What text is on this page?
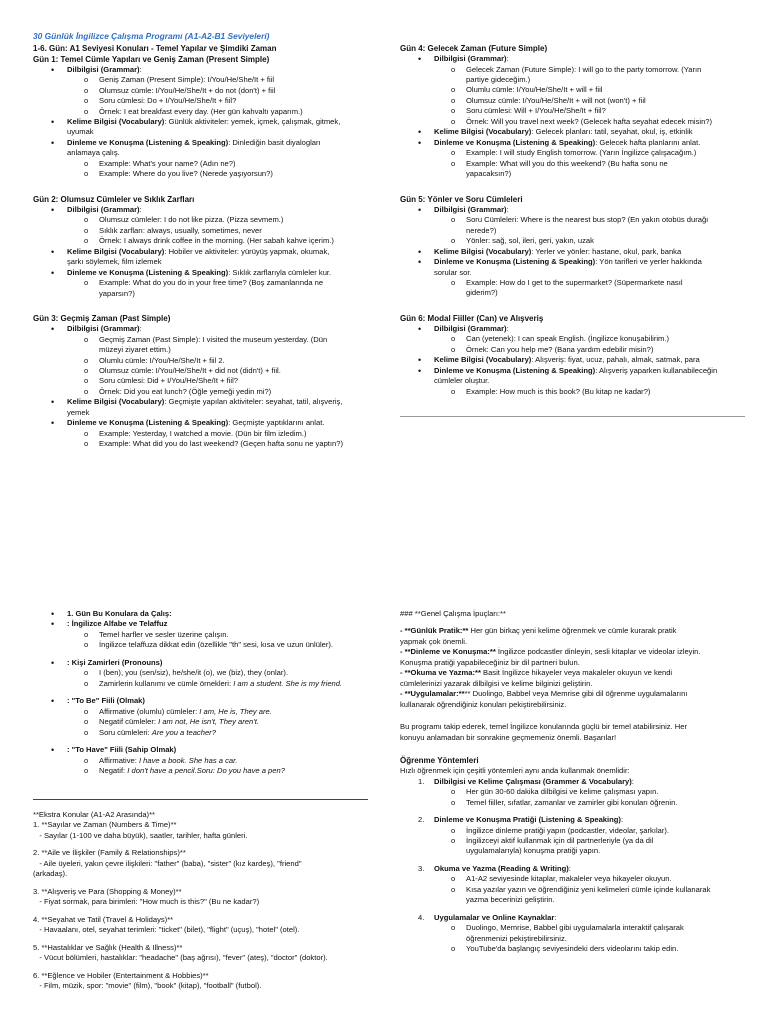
30 Günlük İngilizce Çalışma Programı (A1-A2-B1 Seviyeleri)
1-6. Gün: A1 Seviyesi Konuları - Temel Yapılar ve Şimdiki Zaman
Gün 1: Temel Cümle Yapıları ve Geniş Zaman (Present Simple)
• Dilbilgisi (Grammar):
o Geniş Zaman (Present Simple): I/You/He/She/It + fiil
o Olumsuz cümle: I/You/He/She/It + do not (don't) + fiil
o Soru cümlesi: Do + I/You/He/She/It + fiil?
o Örnek: I eat breakfast every day. (Her gün kahvaltı yaparım.)
• Kelime Bilgisi (Vocabulary): Günlük aktiviteler: yemek, içmek, çalışmak, gitmek,
uyumak
• Dinleme ve Konuşma (Listening & Speaking): Dinlediğin basit diyalogları
anlamaya çalış.
o Example: What's your name? (Adın ne?)
o Example: Where do you live? (Nerede yaşıyorsun?)
Gün 2: Olumsuz Cümleler ve Sıklık Zarfları
• Dilbilgisi (Grammar):
o Olumsuz cümleler: I do not like pizza. (Pizza sevmem.)
o Sıklık zarfları: always, usually, sometimes, never
o Örnek: I always drink coffee in the morning. (Her sabah kahve içerim.)
• Kelime Bilgisi (Vocabulary): Hobiler ve aktiviteler: yürüyüş yapmak, okumak,
şarkı söylemek, film izlemek
• Dinleme ve Konuşma (Listening & Speaking): Sıklık zarflarıyla cümleler kur.
o Example: What do you do in your free time? (Boş zamanlarında ne
yaparsın?)
Gün 3: Geçmiş Zaman (Past Simple)
• Dilbilgisi (Grammar):
o Geçmiş Zaman (Past Simple): I visited the museum yesterday. (Dün
müzeyi ziyaret ettim.)
o Olumlu cümle: I/You/He/She/It + fiil 2.
o Olumsuz cümle: I/You/He/She/It + did not (didn't) + fiil.
o Soru cümlesi: Did + I/You/He/She/It + fiil?
o Örnek: Did you eat lunch? (Öğle yemeği yedin mi?)
• Kelime Bilgisi (Vocabulary): Geçmişte yapılan aktiviteler: seyahat, tatil, alışveriş,
yemek
• Dinleme ve Konuşma (Listening & Speaking): Geçmişte yaptıklarını anlat.
o Example: Yesterday, I watched a movie. (Dün bir film izledim.)
o Example: What did you do last weekend? (Geçen hafta sonu ne yaptın?)
Gün 4: Gelecek Zaman (Future Simple)
• Dilbilgisi (Grammar):
o Gelecek Zaman (Future Simple): I will go to the party tomorrow. (Yarın
partiye gideceğim.)
o Olumlu cümle: I/You/He/She/It + will + fiil
o Olumsuz cümle: I/You/He/She/It + will not (won't) + fiil
o Soru cümlesi: Will + I/You/He/She/It + fiil?
o Örnek: Will you travel next week? (Gelecek hafta seyahat edecek misin?)
• Kelime Bilgisi (Vocabulary): Gelecek planları: tatil, seyahat, okul, iş, etkinlik
• Dinleme ve Konuşma (Listening & Speaking): Gelecek hafta planlarını anlat.
o Example: I will study English tomorrow. (Yarın İngilizce çalışacağım.)
o Example: What will you do this weekend? (Bu hafta sonu ne
yapacaksın?)
Gün 5: Yönler ve Soru Cümleleri
• Dilbilgisi (Grammar):
o Soru Cümleleri: Where is the nearest bus stop? (En yakın otobüs durağı
nerede?)
o Yönler: sağ, sol, ileri, geri, yakın, uzak
• Kelime Bilgisi (Vocabulary): Yerler ve yönler: hastane, okul, park, banka
• Dinleme ve Konuşma (Listening & Speaking): Yön tarifleri ve yerler hakkında
sorular sor.
o Example: How do I get to the supermarket? (Süpermarkete nasıl
giderim?)
Gün 6: Modal Fiiller (Can) ve Alışveriş
• Dilbilgisi (Grammar):
o Can (yetenek): I can speak English. (İngilizce konuşabilirim.)
o Örnek: Can you help me? (Bana yardım edebilir misin?)
• Kelime Bilgisi (Vocabulary): Alışveriş: fiyat, ucuz, pahalı, almak, satmak, para
• Dinleme ve Konuşma (Listening & Speaking): Alışveriş yaparken kullanabileceğin
cümleler oluştur.
o Example: How much is this book? (Bu kitap ne kadar?)
• 1. Gün Bu Konulara da Çalış:
• : İngilizce Alfabe ve Telaffuz
o Temel harfler ve sesler üzerine çalışın.
o İngilizce telaffuza dikkat edin (özellikle "th" sesi, kısa ve uzun ünlüler).
• : Kişi Zamirleri (Pronouns)
o I (ben), you (sen/siz), he/she/it (o), we (biz), they (onlar).
o Zamirlerin kullanımı ve cümle örnekleri: I am a student. She is my friend.
• : "To Be" Fiili (Olmak)
o Affirmative (olumlu) cümleler: I am, He is, They are.
o Negatif cümleler: I am not, He isn't, They aren't.
o Soru cümleleri: Are you a teacher?
• : "To Have" Fiili (Sahip Olmak)
o Affirmative: I have a book. She has a car.
o Negatif: I don't have a pencil.Soru: Do you have a pen?
**Ekstra Konular (A1-A2 Arasında)**
1. **Sayılar ve Zaman (Numbers & Time)**
- Sayılar (1-100 ve daha büyük), saatler, tarihler, hafta günleri.
2. **Aile ve İlişkiler (Family & Relationships)**
- Aile üyeleri, yakın çevre ilişkileri: "father" (baba), "sister" (kız kardeş), "friend"
(arkadaş).
3. **Alışveriş ve Para (Shopping & Money)**
- Fiyat sormak, para birimleri: "How much is this?" (Bu ne kadar?)
4. **Seyahat ve Tatil (Travel & Holidays)**
- Havaalanı, otel, seyahat terimleri: "ticket" (bilet), "flight" (uçuş), "hotel" (otel).
5. **Hastalıklar ve Sağlık (Health & Illness)**
- Vücut bölümleri, hastalıklar: "headache" (baş ağrısı), "fever" (ateş), "doctor" (doktor).
6. **Eğlence ve Hobiler (Entertainment & Hobbies)**
- Film, müzik, spor: "movie" (film), "book" (kitap), "football" (futbol).
### **Genel Çalışma İpuçları:**
- **Günlük Pratik:** Her gün birkaç yeni kelime öğrenmek ve cümle kurarak pratik
yapmak çok önemli.
- **Dinleme ve Konuşma:** İngilizce podcastler dinleyin, sesli kitaplar ve videolar izleyin.
Konuşma pratiği yapabileceğiniz bir dil partneri bulun.
- **Okuma ve Yazma:** Basit İngilizce hikayeler veya makaleler okuyun ve kendi
cümlelerinizi yazarak dilbilgisi ve kelime bilginizi geliştirin.
- **Uygulamalar:**** Duolingo, Babbel veya Memrise gibi dil öğrenme uygulamalarını
kullanarak öğrendiğiniz konuları pekiştirebilirsiniz.
Bu programı takip ederek, temel İngilizce konularında güçlü bir temel atabilirsiniz. Her
konuyu anlamadan bir sonrakine geçmemeniz önemli. Başarılar!
Öğrenme Yöntemleri
Hızlı öğrenmek için çeşitli yöntemleri aynı anda kullanmak önemlidir:
1. Dilbilgisi ve Kelime Çalışması (Grammer & Vocabulary):
o Her gün 30-60 dakika dilbilgisi ve kelime çalışması yapın.
o Temel fiiller, sıfatlar, zamanlar ve zamirler gibi konuları öğrenin.
2. Dinleme ve Konuşma Pratiği (Listening & Speaking):
o İngilizce dinleme pratiği yapın (podcastler, videolar, şarkılar).
o İngilizceyi aktif kullanmak için dil partnerleriyle (ya da dil
uygulamalarıyla) konuşma pratiği yapın.
3. Okuma ve Yazma (Reading & Writing):
o A1-A2 seviyesinde kitaplar, makaleler veya hikayeler okuyun.
o Kısa yazılar yazın ve öğrendiğiniz yeni kelimeleri cümle içinde kullanarak
yazma becerinizi geliştirin.
4. Uygulamalar ve Online Kaynaklar:
o Duolingo, Memrise, Babbel gibi uygulamalarla interaktif çalışarak
öğrenmenizi pekiştirebilirsiniz.
o YouTube'da başlangıç seviyesindeki ders videolarını takip edin.
